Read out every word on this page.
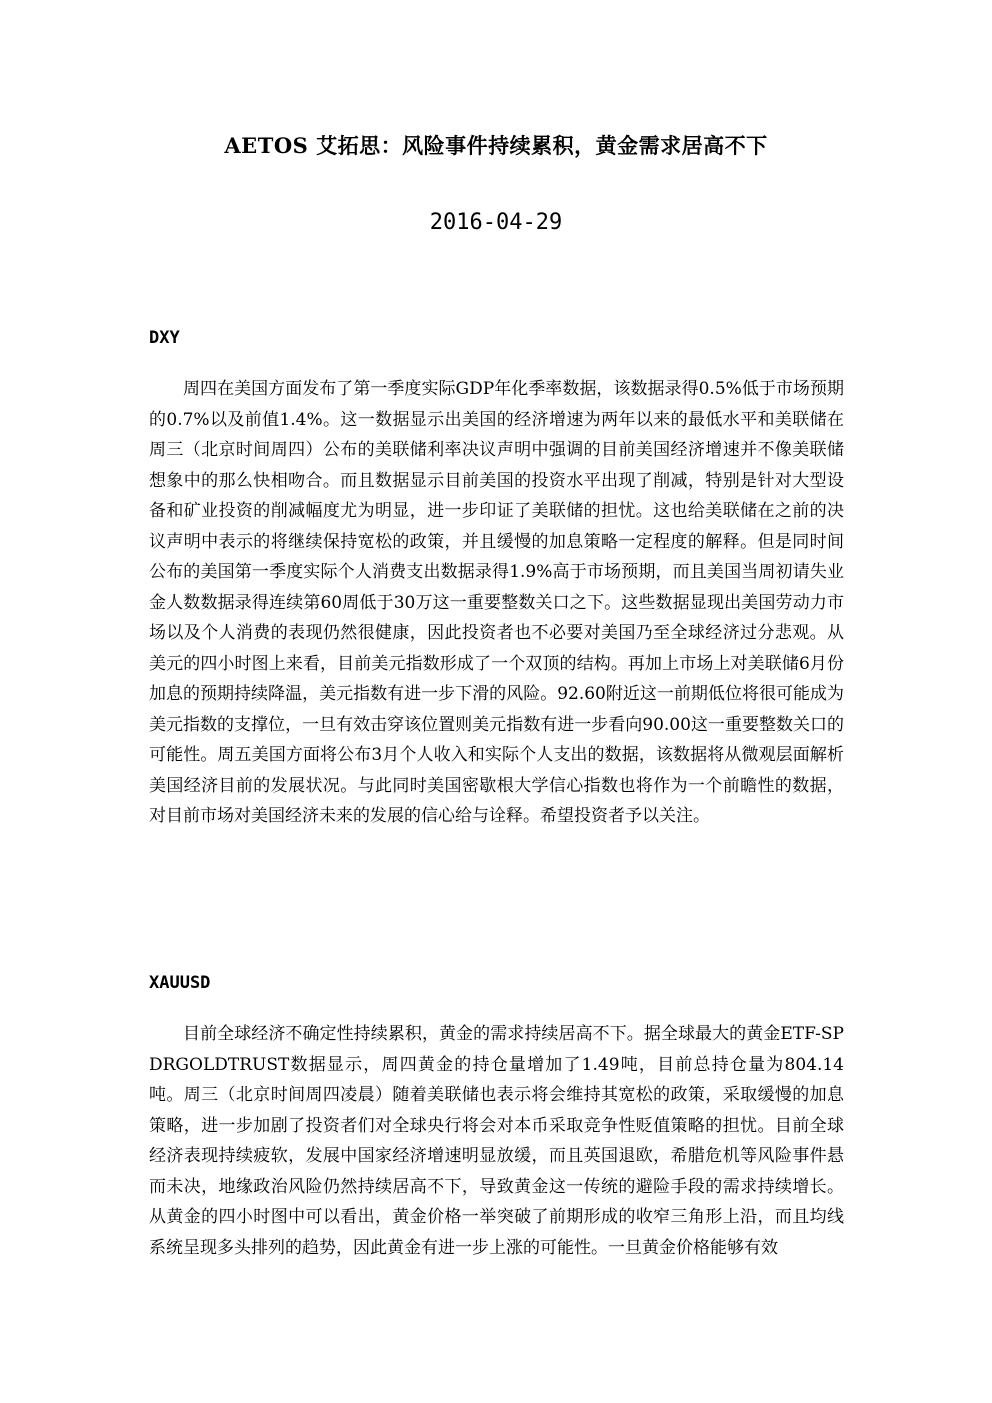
AETOS 艾拓思：风险事件持续累积，黄金需求居高不下
2016-04-29
DXY

周四在美国方面发布了第一季度实际GDP年化季率数据，该数据录得0.5%低于市场预期的0.7%以及前值1.4%。这一数据显示出美国的经济增速为两年以来的最低水平和美联储在周三（北京时间周四）公布的美联储利率决议声明中强调的目前美国经济增速并不像美联储想象中的那么快相吻合。而且数据显示目前美国的投资水平出现了削减，特别是针对大型设备和矿业投资的削减幅度尤为明显，进一步印证了美联储的担忧。这也给美联储在之前的决议声明中表示的将继续保持宽松的政策，并且缓慢的加息策略一定程度的解释。但是同时间公布的美国第一季度实际个人消费支出数据录得1.9%高于市场预期，而且美国当周初请失业金人数数据录得连续第60周低于30万这一重要整数关口之下。这些数据显现出美国劳动力市场以及个人消费的表现仍然很健康，因此投资者也不必要对美国乃至全球经济过分悲观。从美元的四小时图上来看，目前美元指数形成了一个双顶的结构。再加上市场上对美联储6月份加息的预期持续降温，美元指数有进一步下滑的风险。92.60附近这一前期低位将很可能成为美元指数的支撑位，一旦有效击穿该位置则美元指数有进一步看向90.00这一重要整数关口的可能性。周五美国方面将公布3月个人收入和实际个人支出的数据，该数据将从微观层面解析美国经济目前的发展状况。与此同时美国密歇根大学信心指数也将作为一个前瞻性的数据，对目前市场对美国经济未来的发展的信心给与诠释。希望投资者予以关注。

XAUUSD

目前全球经济不确定性持续累积，黄金的需求持续居高不下。据全球最大的黄金ETF-SPDRGOLDTRUST数据显示，周四黄金的持仓量增加了1.49吨，目前总持仓量为804.14吨。周三（北京时间周四凌晨）随着美联储也表示将会维持其宽松的政策，采取缓慢的加息策略，进一步加剧了投资者们对全球央行将会对本币采取竞争性贬值策略的担忧。目前全球经济表现持续疲软，发展中国家经济增速明显放缓，而且英国退欧，希腊危机等风险事件悬而未决，地缘政治风险仍然持续居高不下，导致黄金这一传统的避险手段的需求持续增长。从黄金的四小时图中可以看出，黄金价格一举突破了前期形成的收窄三角形上沿，而且均线系统呈现多头排列的趋势，因此黄金有进一步上涨的可能性。一旦黄金价格能够有效
